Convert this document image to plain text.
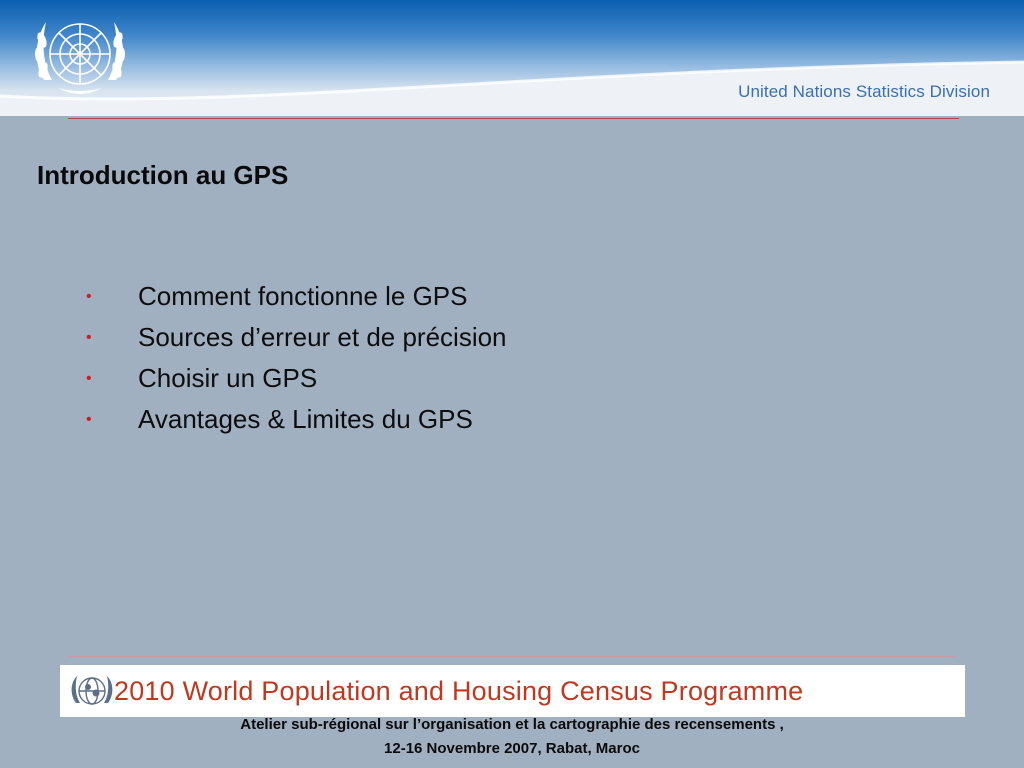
United Nations Statistics Division
Introduction au GPS
•	Comment fonctionne le GPS
•	Sources d’erreur et de précision
•	Choisir un GPS
•	Avantages & Limites du GPS
2010 World Population and Housing Census Programme
Atelier sub-régional sur l’organisation et la cartographie des recensements ,
12-16 Novembre 2007, Rabat, Maroc
